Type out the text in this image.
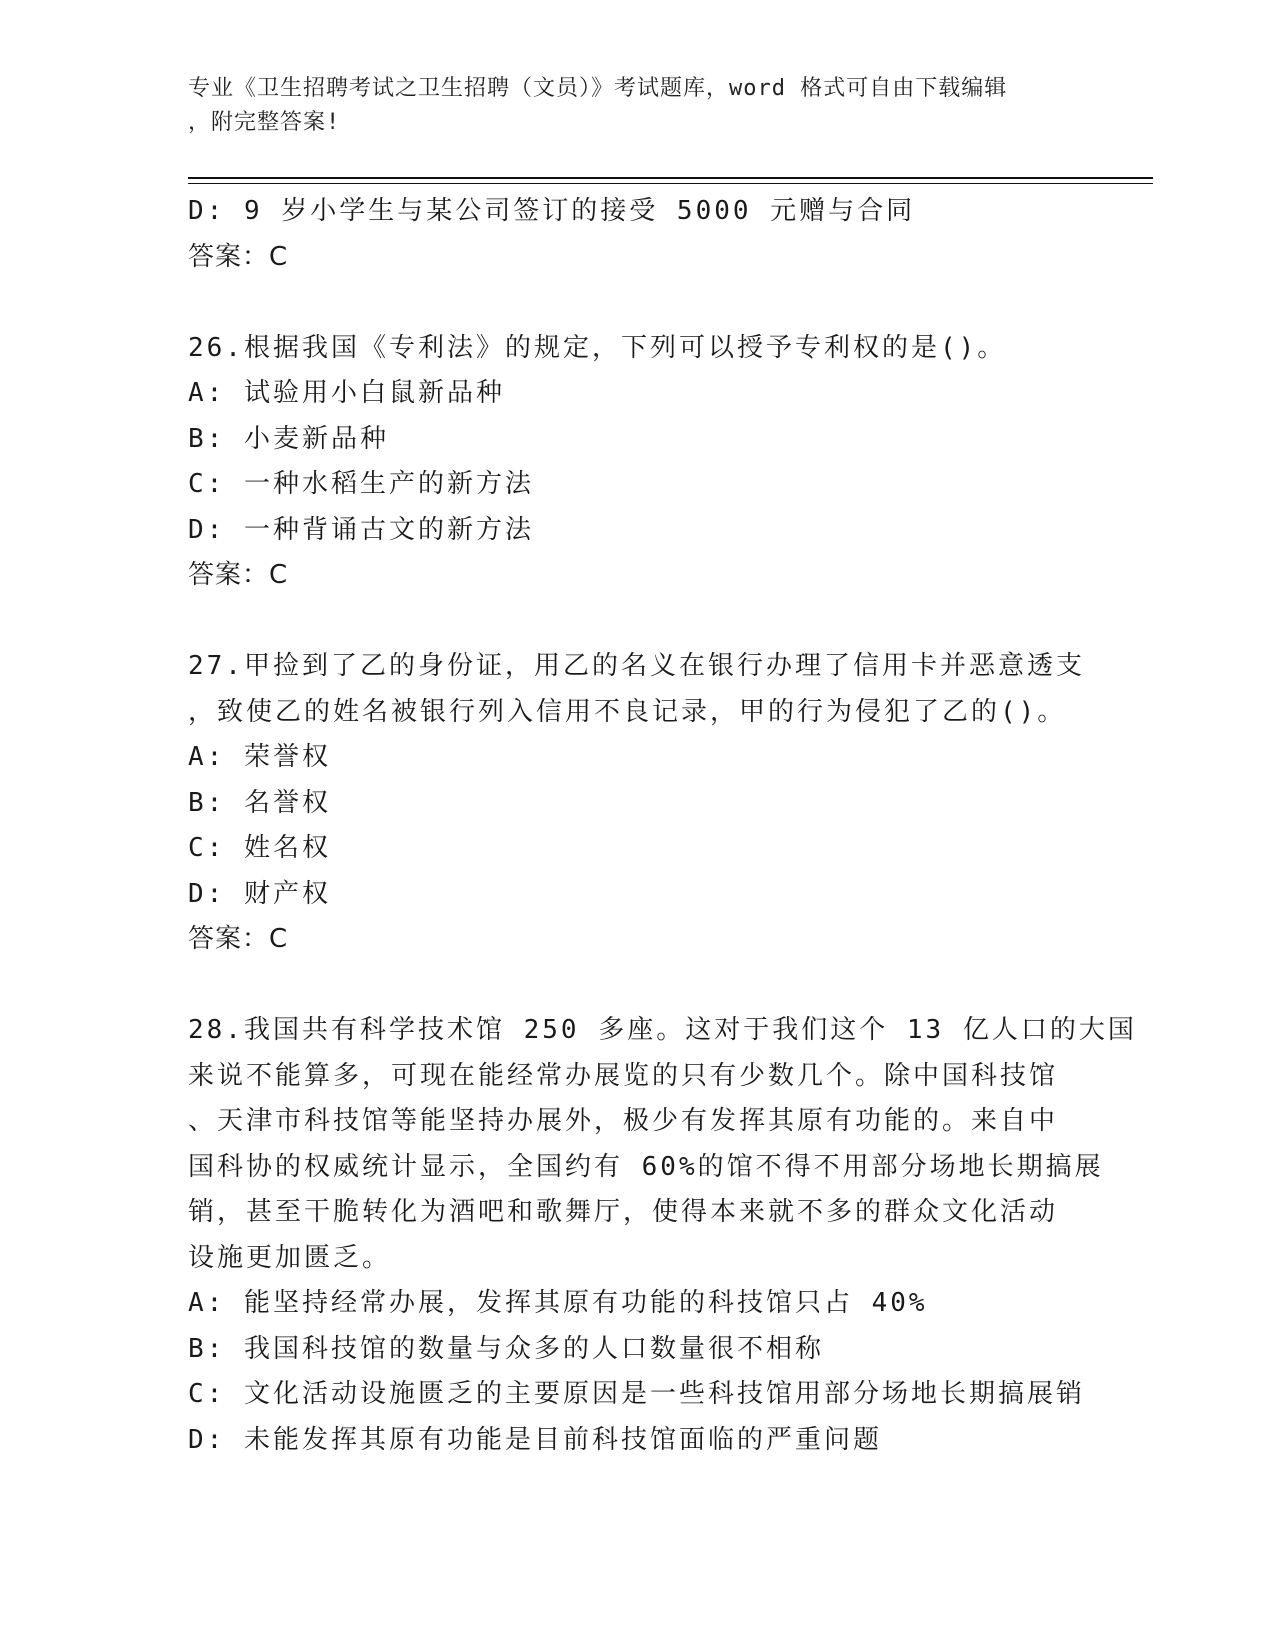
专业《卫生招聘考试之卫生招聘（文员）》考试题库，word 格式可自由下载编辑
，附完整答案!
D: 9 岁小学生与某公司签订的接受 5000 元赠与合同
答案：C
26.根据我国《专利法》的规定，下列可以授予专利权的是()。
A: 试验用小白鼠新品种
B: 小麦新品种
C: 一种水稻生产的新方法
D: 一种背诵古文的新方法
答案：C
27.甲捡到了乙的身份证，用乙的名义在银行办理了信用卡并恶意透支
，致使乙的姓名被银行列入信用不良记录，甲的行为侵犯了乙的()。
A: 荣誉权
B: 名誉权
C: 姓名权
D: 财产权
答案：C
28.我国共有科学技术馆 250 多座。这对于我们这个 13 亿人口的大国
来说不能算多，可现在能经常办展览的只有少数几个。除中国科技馆
、天津市科技馆等能坚持办展外，极少有发挥其原有功能的。来自中
国科协的权威统计显示，全国约有 60%的馆不得不用部分场地长期搞展
销，甚至干脆转化为酒吧和歌舞厅，使得本来就不多的群众文化活动
设施更加匮乏。
A: 能坚持经常办展，发挥其原有功能的科技馆只占 40%
B: 我国科技馆的数量与众多的人口数量很不相称
C: 文化活动设施匮乏的主要原因是一些科技馆用部分场地长期搞展销
D: 未能发挥其原有功能是目前科技馆面临的严重问题
